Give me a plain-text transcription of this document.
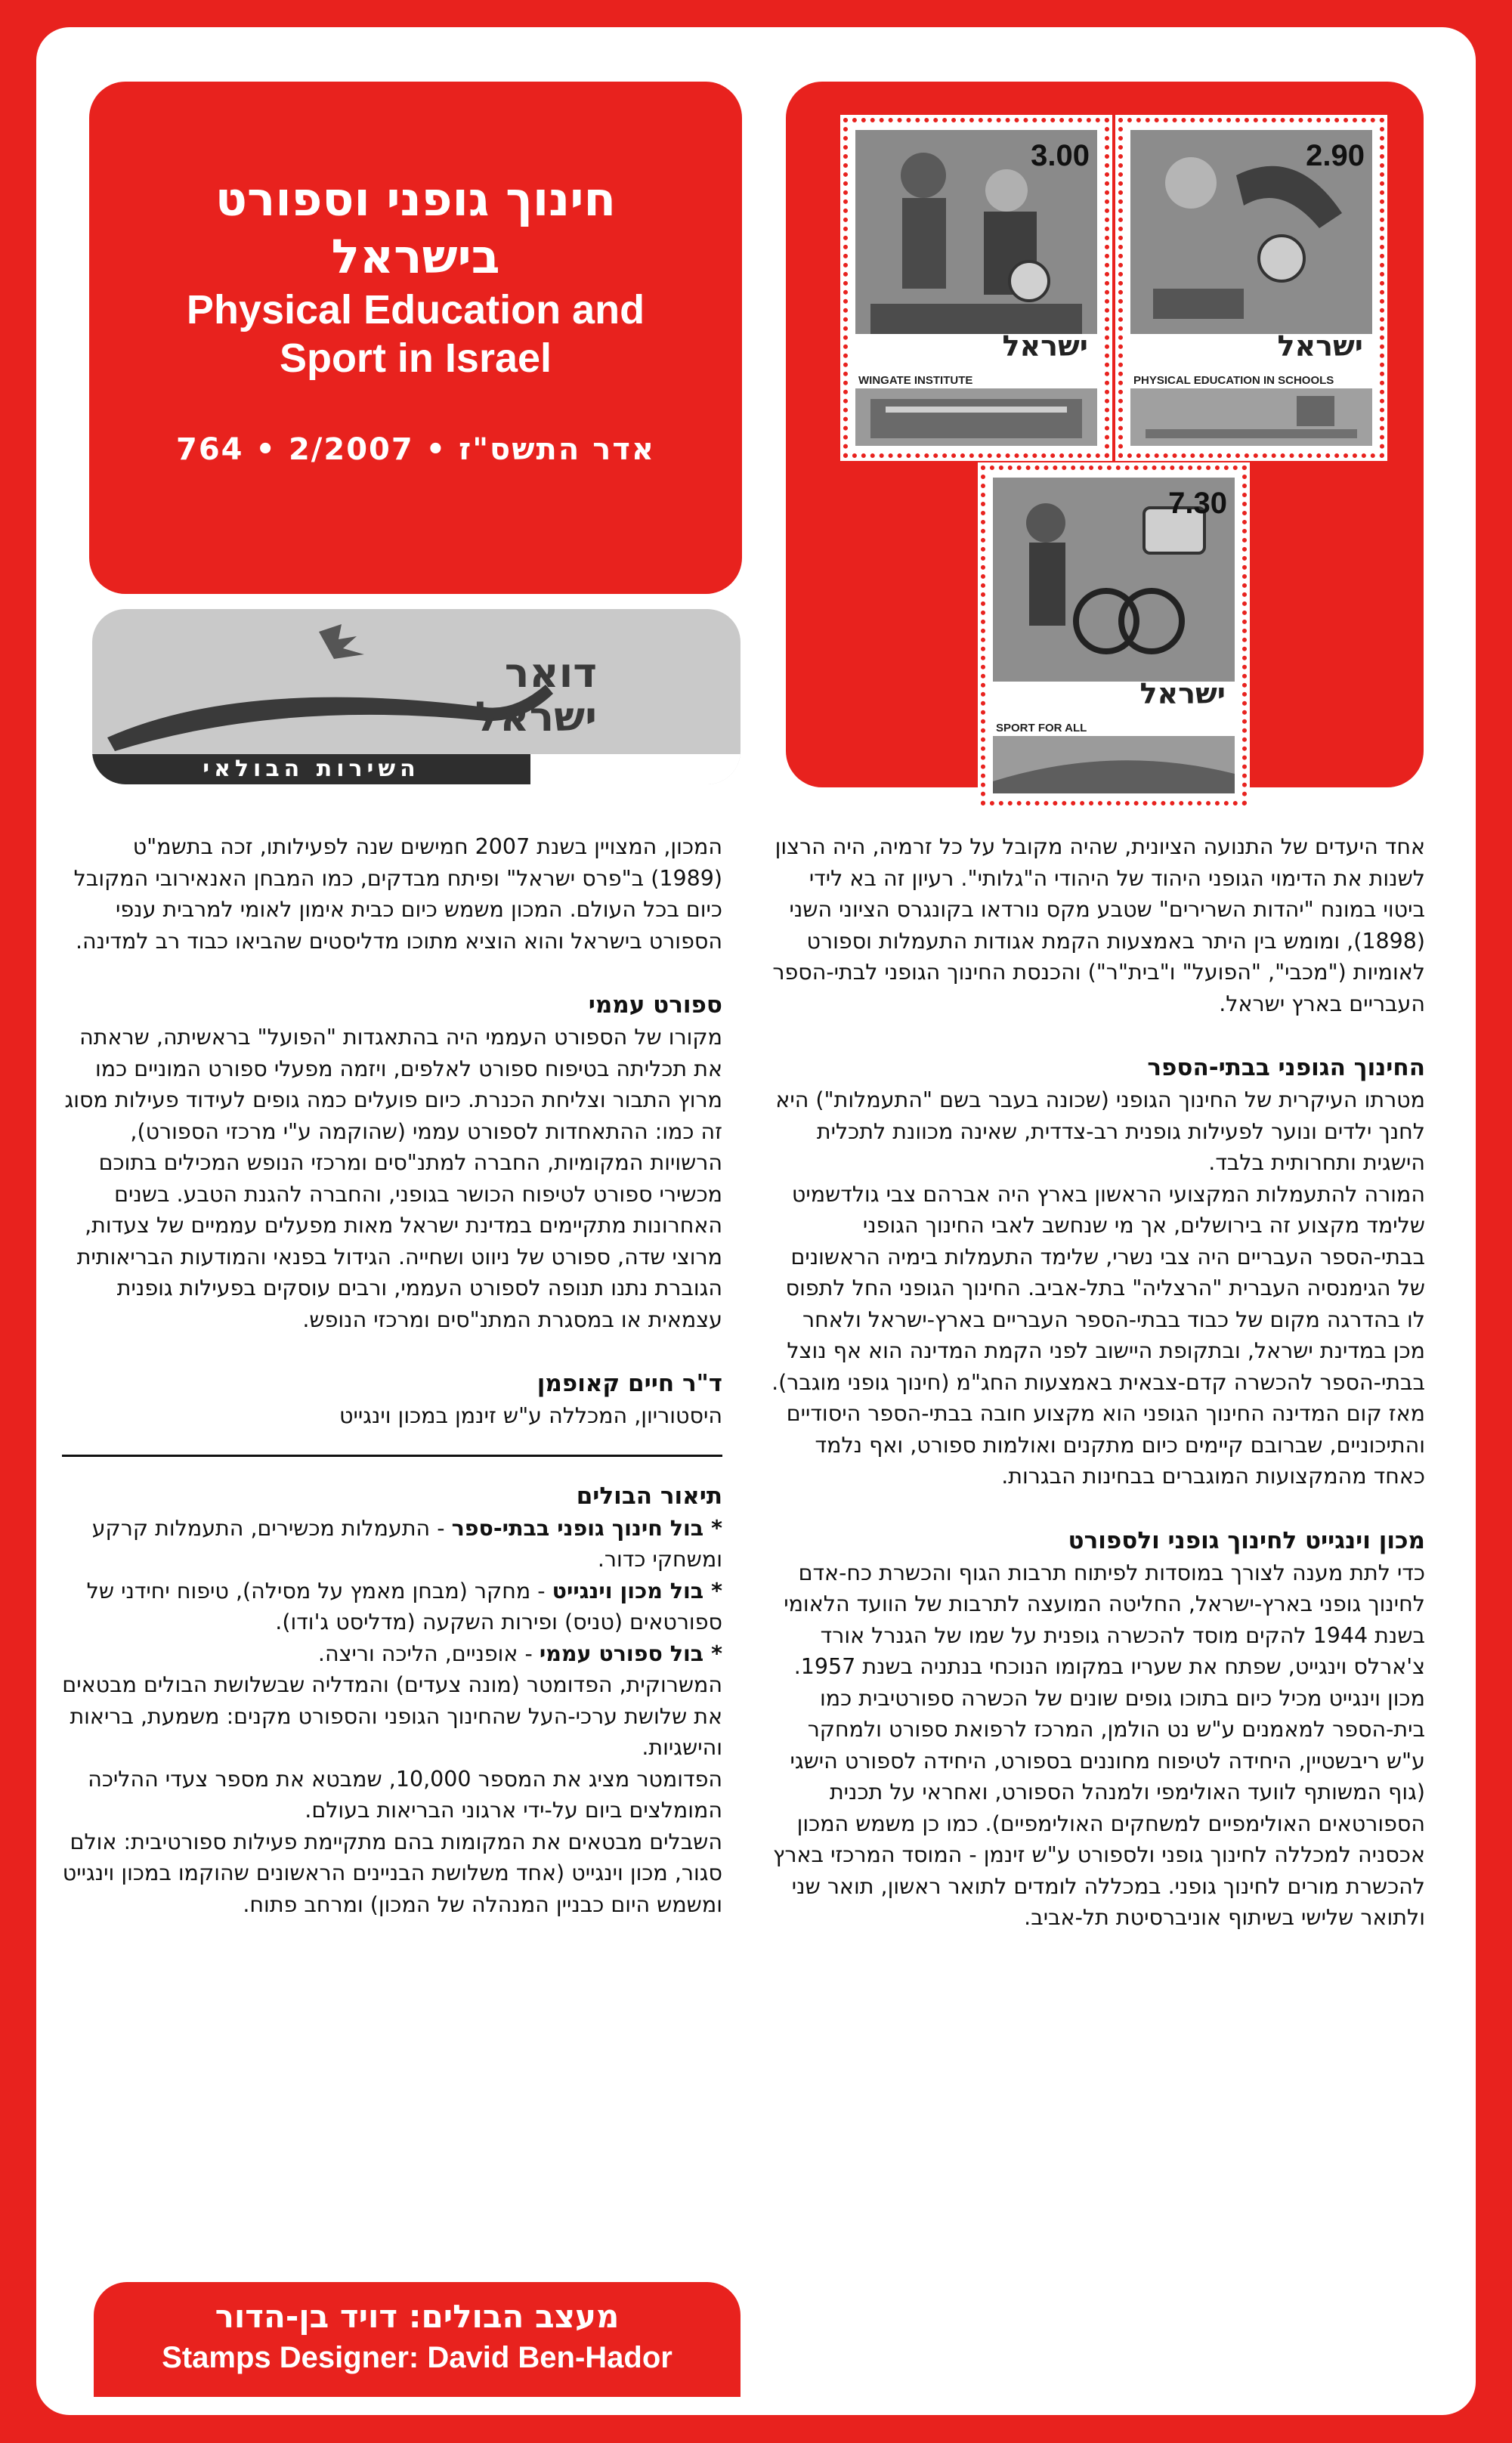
חינוך גופני וספורט

בישראל

Physical Education and

Sport in Israel

764 • 2/2007 • אדר התשס"ז
3.00
ישראל
WINGATE INSTITUTE
2.90
ישראל
PHYSICAL EDUCATION IN SCHOOLS
7.30
ישראל
SPORT FOR ALL
דואר
ישראל
השירות הבולאי

אחד היעדים של התנועה הציונית, שהיה מקובל על כל זרמיה, היה הרצון לשנות את הדימוי הגופני היהוד של היהודי ה"גלותי". רעיון זה בא לידי ביטוי במונח "יהדות השרירים" שטבע מקס נורדאו בקונגרס הציוני השני (1898), ומומש בין היתר באמצעות הקמת אגודות התעמלות וספורט לאומיות ("מכבי", "הפועל" ו"בית"ר") והכנסת החינוך הגופני לבתי-הספר העבריים בארץ ישראל.

החינוך הגופני בבתי-הספר

מטרתו העיקרית של החינוך הגופני (שכונה בעבר בשם "התעמלות") היא לחנך ילדים ונוער לפעילות גופנית רב-צדדית, שאינה מכוונת לתכלית הישגית ותחרותית בלבד.

המורה להתעמלות המקצועי הראשון בארץ היה אברהם צבי גולדשמיט שלימד מקצוע זה בירושלים, אך מי שנחשב לאבי החינוך הגופני בבתי-הספר העבריים היה צבי נשרי, שלימד התעמלות בימיה הראשונים של הגימנסיה העברית "הרצליה" בתל-אביב. החינוך הגופני החל לתפוס לו בהדרגה מקום של כבוד בבתי-הספר העבריים בארץ-ישראל ולאחר מכן במדינת ישראל, ובתקופת היישוב לפני הקמת המדינה הוא אף נוצל בבתי-הספר להכשרה קדם-צבאית באמצעות החג"מ (חינוך גופני מוגבר).

מאז קום המדינה החינוך הגופני הוא מקצוע חובה בבתי-הספר היסודיים והתיכוניים, שברובם קיימים כיום מתקנים ואולמות ספורט, ואף נלמד כאחד מהמקצועות המוגברים בבחינות הבגרות.

מכון וינגייט לחינוך גופני ולספורט

כדי לתת מענה לצורך במוסדות לפיתוח תרבות הגוף והכשרת כח-אדם לחינוך גופני בארץ-ישראל, החליטה המועצה לתרבות של הוועד הלאומי בשנת 1944 להקים מוסד להכשרה גופנית על שמו של הגנרל אורד צ'ארלס וינגייט, שפתח את שעריו במקומו הנוכחי בנתניה בשנת 1957. מכון וינגייט מכיל כיום בתוכו גופים שונים של הכשרה ספורטיבית כמו בית-הספר למאמנים ע"ש נט הולמן, המרכז לרפואת ספורט ולמחקר ע"ש ריבשטיין, היחידה לטיפוח מחוננים בספורט, היחידה לספורט הישגי (גוף המשותף לוועד האולימפי ולמנהל הספורט, ואחראי על תכנית הספורטאים האולימפיים למשחקים האולימפיים). כמו כן משמש המכון אכסניה למכללה לחינוך גופני ולספורט ע"ש זינמן - המוסד המרכזי בארץ להכשרת מורים לחינוך גופני. במכללה לומדים לתואר ראשון, תואר שני ולתואר שלישי בשיתוף אוניברסיטת תל-אביב.

המכון, המצויין בשנת 2007 חמישים שנה לפעילותו, זכה בתשמ"ט (1989) ב"פרס ישראל" ופיתח מבדקים, כמו המבחן האנאירובי המקובל כיום בכל העולם. המכון משמש כיום כבית אימון לאומי למרבית ענפי הספורט בישראל והוא הוציא מתוכו מדליסטים שהביאו כבוד רב למדינה.

ספורט עממי

מקורו של הספורט העממי היה בהתאגדות "הפועל" בראשיתה, שראתה את תכליתה בטיפוח ספורט לאלפים, ויזמה מפעלי ספורט המוניים כמו מרוץ התבור וצליחת הכנרת. כיום פועלים כמה גופים לעידוד פעילות מסוג זה כמו: ההתאחדות לספורט עממי (שהוקמה ע"י מרכזי הספורט), הרשויות המקומיות, החברה למתנ"סים ומרכזי הנופש המכילים בתוכם מכשירי ספורט לטיפוח הכושר בגופני, והחברה להגנת הטבע. בשנים האחרונות מתקיימים במדינת ישראל מאות מפעלים עממיים של צעדות, מרוצי שדה, ספורט של ניווט ושחייה. הגידול בפנאי והמודעות הבריאותית הגוברת נתנו תנופה לספורט העממי, ורבים עוסקים בפעילות גופנית עצמאית או במסגרת המתנ"סים ומרכזי הנופש.

ד"ר חיים קאופמן

היסטוריון, המכללה ע"ש זינמן במכון וינגייט

תיאור הבולים

* בול חינוך גופני בבתי-ספר - התעמלות מכשירים, התעמלות קרקע ומשחקי כדור.

* בול מכון וינגייט - מחקר (מבחן מאמץ על מסילה), טיפוח יחידני של ספורטאים (טניס) ופירות השקעה (מדליסט ג'ודו).

* בול ספורט עממי - אופניים, הליכה וריצה.

המשרוקית, הפדומטר (מונה צעדים) והמדליה שבשלושת הבולים מבטאים את שלושת ערכי-העל שהחינוך הגופני והספורט מקנים: משמעת, בריאות והישגיות.

הפדומטר מציג את המספר 10,000, שמבטא את מספר צעדי ההליכה המומלצים ביום על-ידי ארגוני הבריאות בעולם.

השבלים מבטאים את המקומות בהם מתקיימת פעילות ספורטיבית: אולם סגור, מכון וינגייט (אחד משלושת הבניינים הראשונים שהוקמו במכון וינגייט ומשמש היום כבניין המנהלה של המכון) ומרחב פתוח.

מעצב הבולים: דויד בן-הדור
Stamps Designer: David Ben-Hador
